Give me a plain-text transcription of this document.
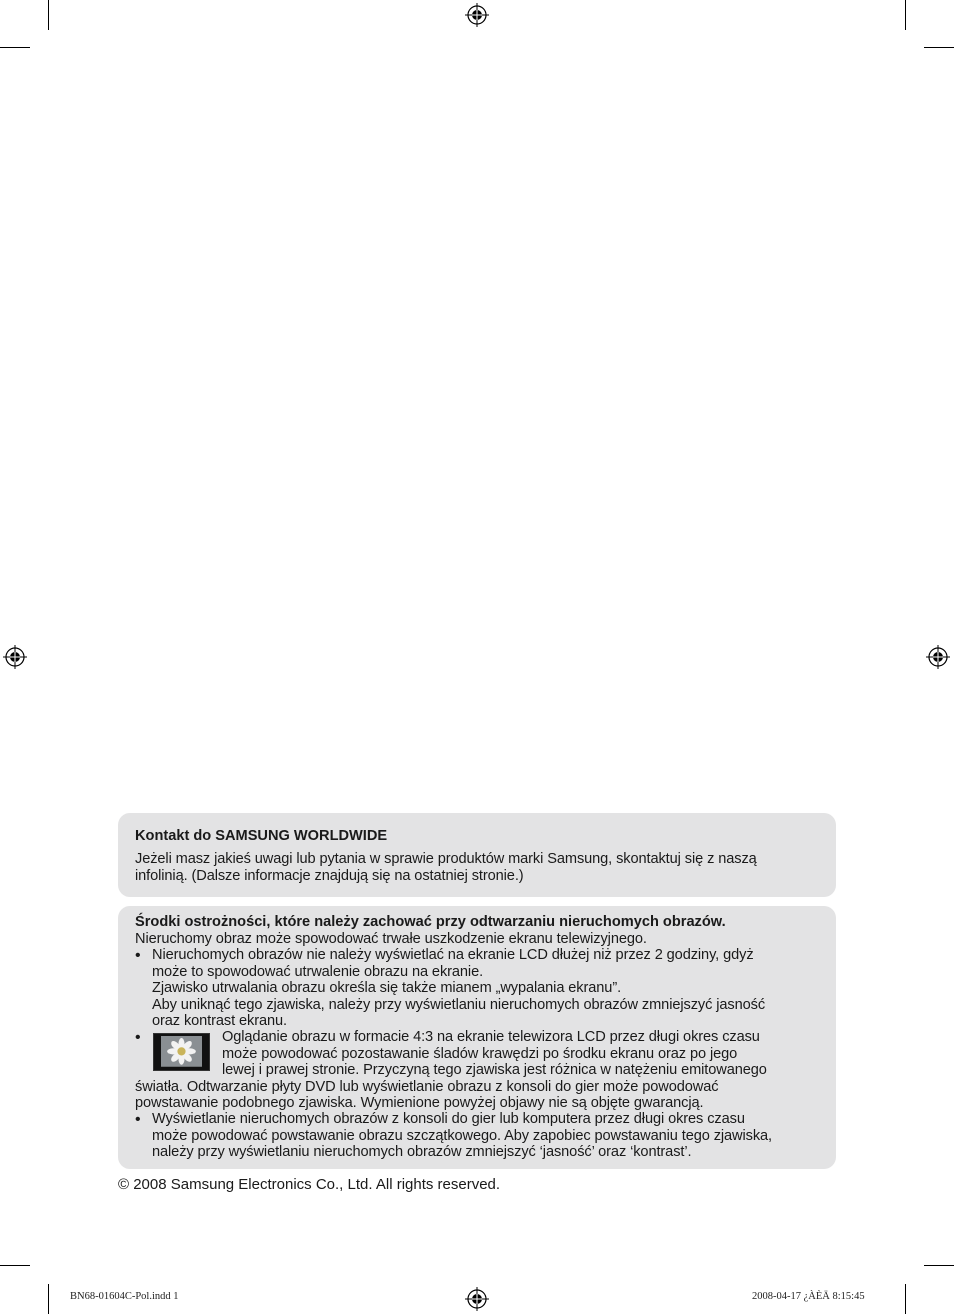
Kontakt do SAMSUNG WORLDWIDE
Jeżeli masz jakieś uwagi lub pytania w sprawie produktów marki Samsung, skontaktuj się z naszą
infolinią. (Dalsze informacje znajdują się na ostatniej stronie.)
Środki ostrożności, które należy zachować przy odtwarzaniu nieruchomych obrazów.
Nieruchomy obraz może spowodować trwałe uszkodzenie ekranu telewizyjnego.
• Nieruchomych obrazów nie należy wyświetlać na ekranie LCD dłużej niż przez 2 godziny, gdyż
może to spowodować utrwalenie obrazu na ekranie.
Zjawisko utrwalania obrazu określa się także mianem „wypalania ekranu”.
Aby uniknąć tego zjawiska, należy przy wyświetlaniu nieruchomych obrazów zmniejszyć jasność
oraz kontrast ekranu.
•	Oglądanie obrazu w formacie 4:3 na ekranie telewizora LCD przez długi okres czasu
może powodować pozostawanie śladów krawędzi po środku ekranu oraz po jego
lewej i prawej stronie. Przyczyną tego zjawiska jest różnica w natężeniu emitowanego
światła. Odtwarzanie płyty DVD lub wyświetlanie obrazu z konsoli do gier może powodować
powstawanie podobnego zjawiska. Wymienione powyżej objawy nie są objęte gwarancją.
• Wyświetlanie nieruchomych obrazów z konsoli do gier lub komputera przez długi okres czasu
może powodować powstawanie obrazu szczątkowego. Aby zapobiec powstawaniu tego zjawiska,
należy przy wyświetlaniu nieruchomych obrazów zmniejszyć ‘jasność’ oraz ‘kontrast’.
© 2008 Samsung Electronics Co., Ltd. All rights reserved.
BN68-01604C-Pol.indd 1	2008-04-17 ¿ÀÈÄ 8:15:45
